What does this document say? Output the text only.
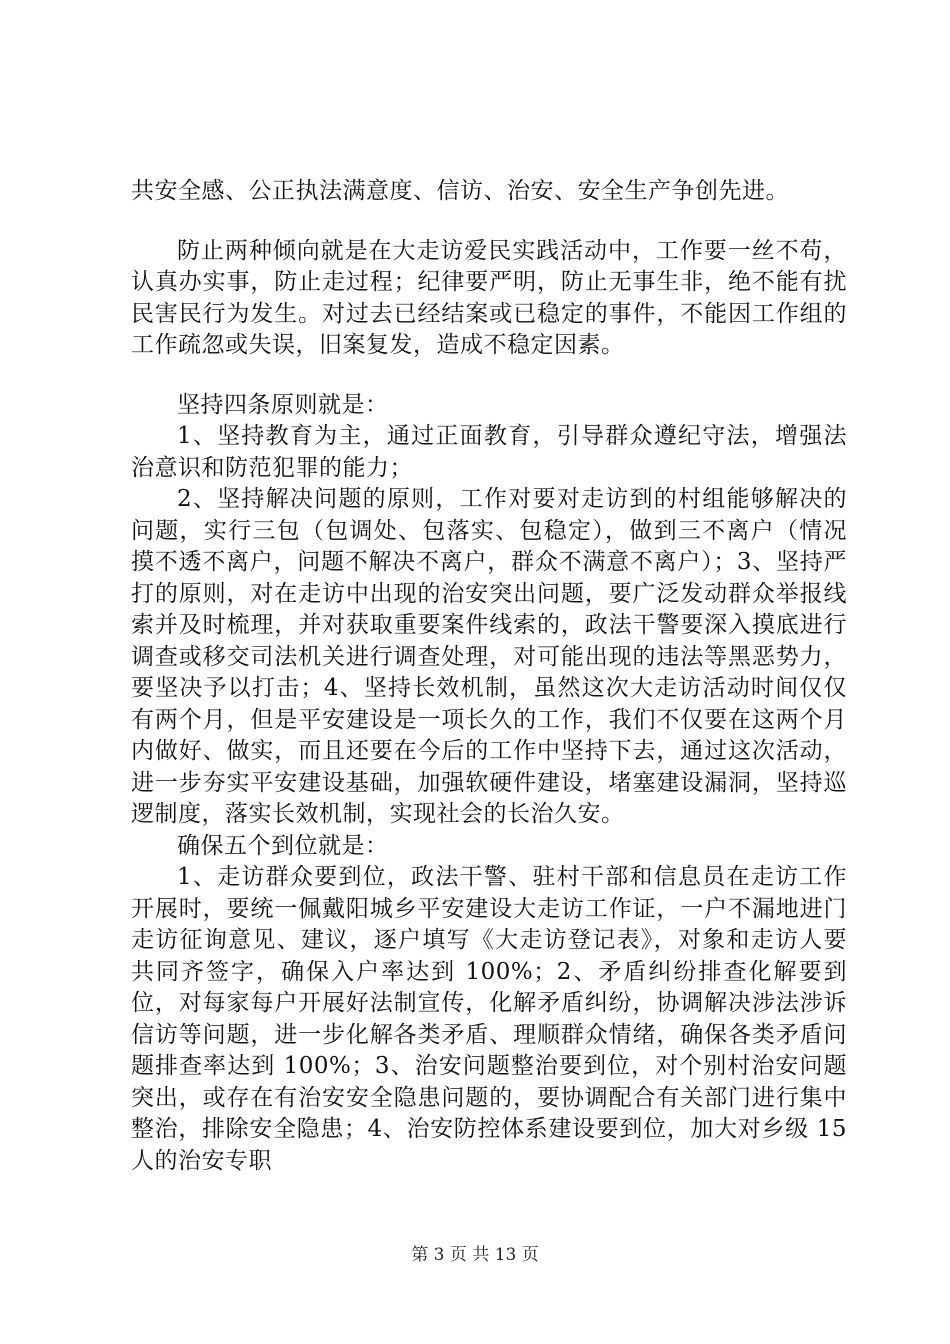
共安全感、公正执法满意度、信访、治安、安全生产争创先进。

防止两种倾向就是在大走访爱民实践活动中，工作要一丝不苟，认真办实事，防止走过程；纪律要严明，防止无事生非，绝不能有扰民害民行为发生。对过去已经结案或已稳定的事件，不能因工作组的工作疏忽或失误，旧案复发，造成不稳定因素。

坚持四条原则就是：

1、坚持教育为主，通过正面教育，引导群众遵纪守法，增强法治意识和防范犯罪的能力；

2、坚持解决问题的原则，工作对要对走访到的村组能够解决的问题，实行三包（包调处、包落实、包稳定），做到三不离户（情况摸不透不离户，问题不解决不离户，群众不满意不离户）；3、坚持严打的原则，对在走访中出现的治安突出问题，要广泛发动群众举报线索并及时梳理，并对获取重要案件线索的，政法干警要深入摸底进行调查或移交司法机关进行调查处理，对可能出现的违法等黑恶势力，要坚决予以打击；4、坚持长效机制，虽然这次大走访活动时间仅仅有两个月，但是平安建设是一项长久的工作，我们不仅要在这两个月内做好、做实，而且还要在今后的工作中坚持下去，通过这次活动，进一步夯实平安建设基础，加强软硬件建设，堵塞建设漏洞，坚持巡逻制度，落实长效机制，实现社会的长治久安。

确保五个到位就是：

1、走访群众要到位，政法干警、驻村干部和信息员在走访工作开展时，要统一佩戴阳城乡平安建设大走访工作证，一户不漏地进门走访征询意见、建议，逐户填写《大走访登记表》，对象和走访人要共同齐签字，确保入户率达到 100%；2、矛盾纠纷排查化解要到位，对每家每户开展好法制宣传，化解矛盾纠纷，协调解决涉法涉诉信访等问题，进一步化解各类矛盾、理顺群众情绪，确保各类矛盾问题排查率达到 100%；3、治安问题整治要到位，对个别村治安问题突出，或存在有治安安全隐患问题的，要协调配合有关部门进行集中整治，排除安全隐患；4、治安防控体系建设要到位，加大对乡级 15 人的治安专职

第 3 页 共 13 页
